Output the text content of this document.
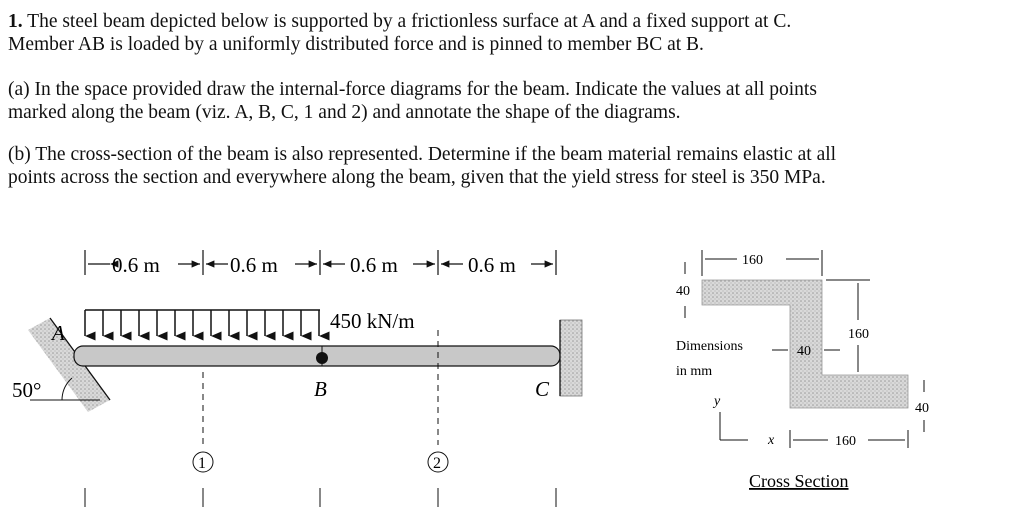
1. The steel beam depicted below is supported by a frictionless surface at A and a fixed support at C.
Member AB is loaded by a uniformly distributed force and is pinned to member BC at B.
(a) In the space provided draw the internal-force diagrams for the beam. Indicate the values at all points
marked along the beam (viz. A, B, C, 1 and 2) and annotate the shape of the diagrams.
(b) The cross-section of the beam is also represented. Determine if the beam material remains elastic at all
points across the section and everywhere along the beam, given that the yield stress for steel is 350 MPa.
0.6 m	0.6 m	0.6 m	0.6 m
450 kN/m
50°
A
B	C
1	2
160
40
Dimensions
in mm
40
160
40
y
x	160
Cross Section
